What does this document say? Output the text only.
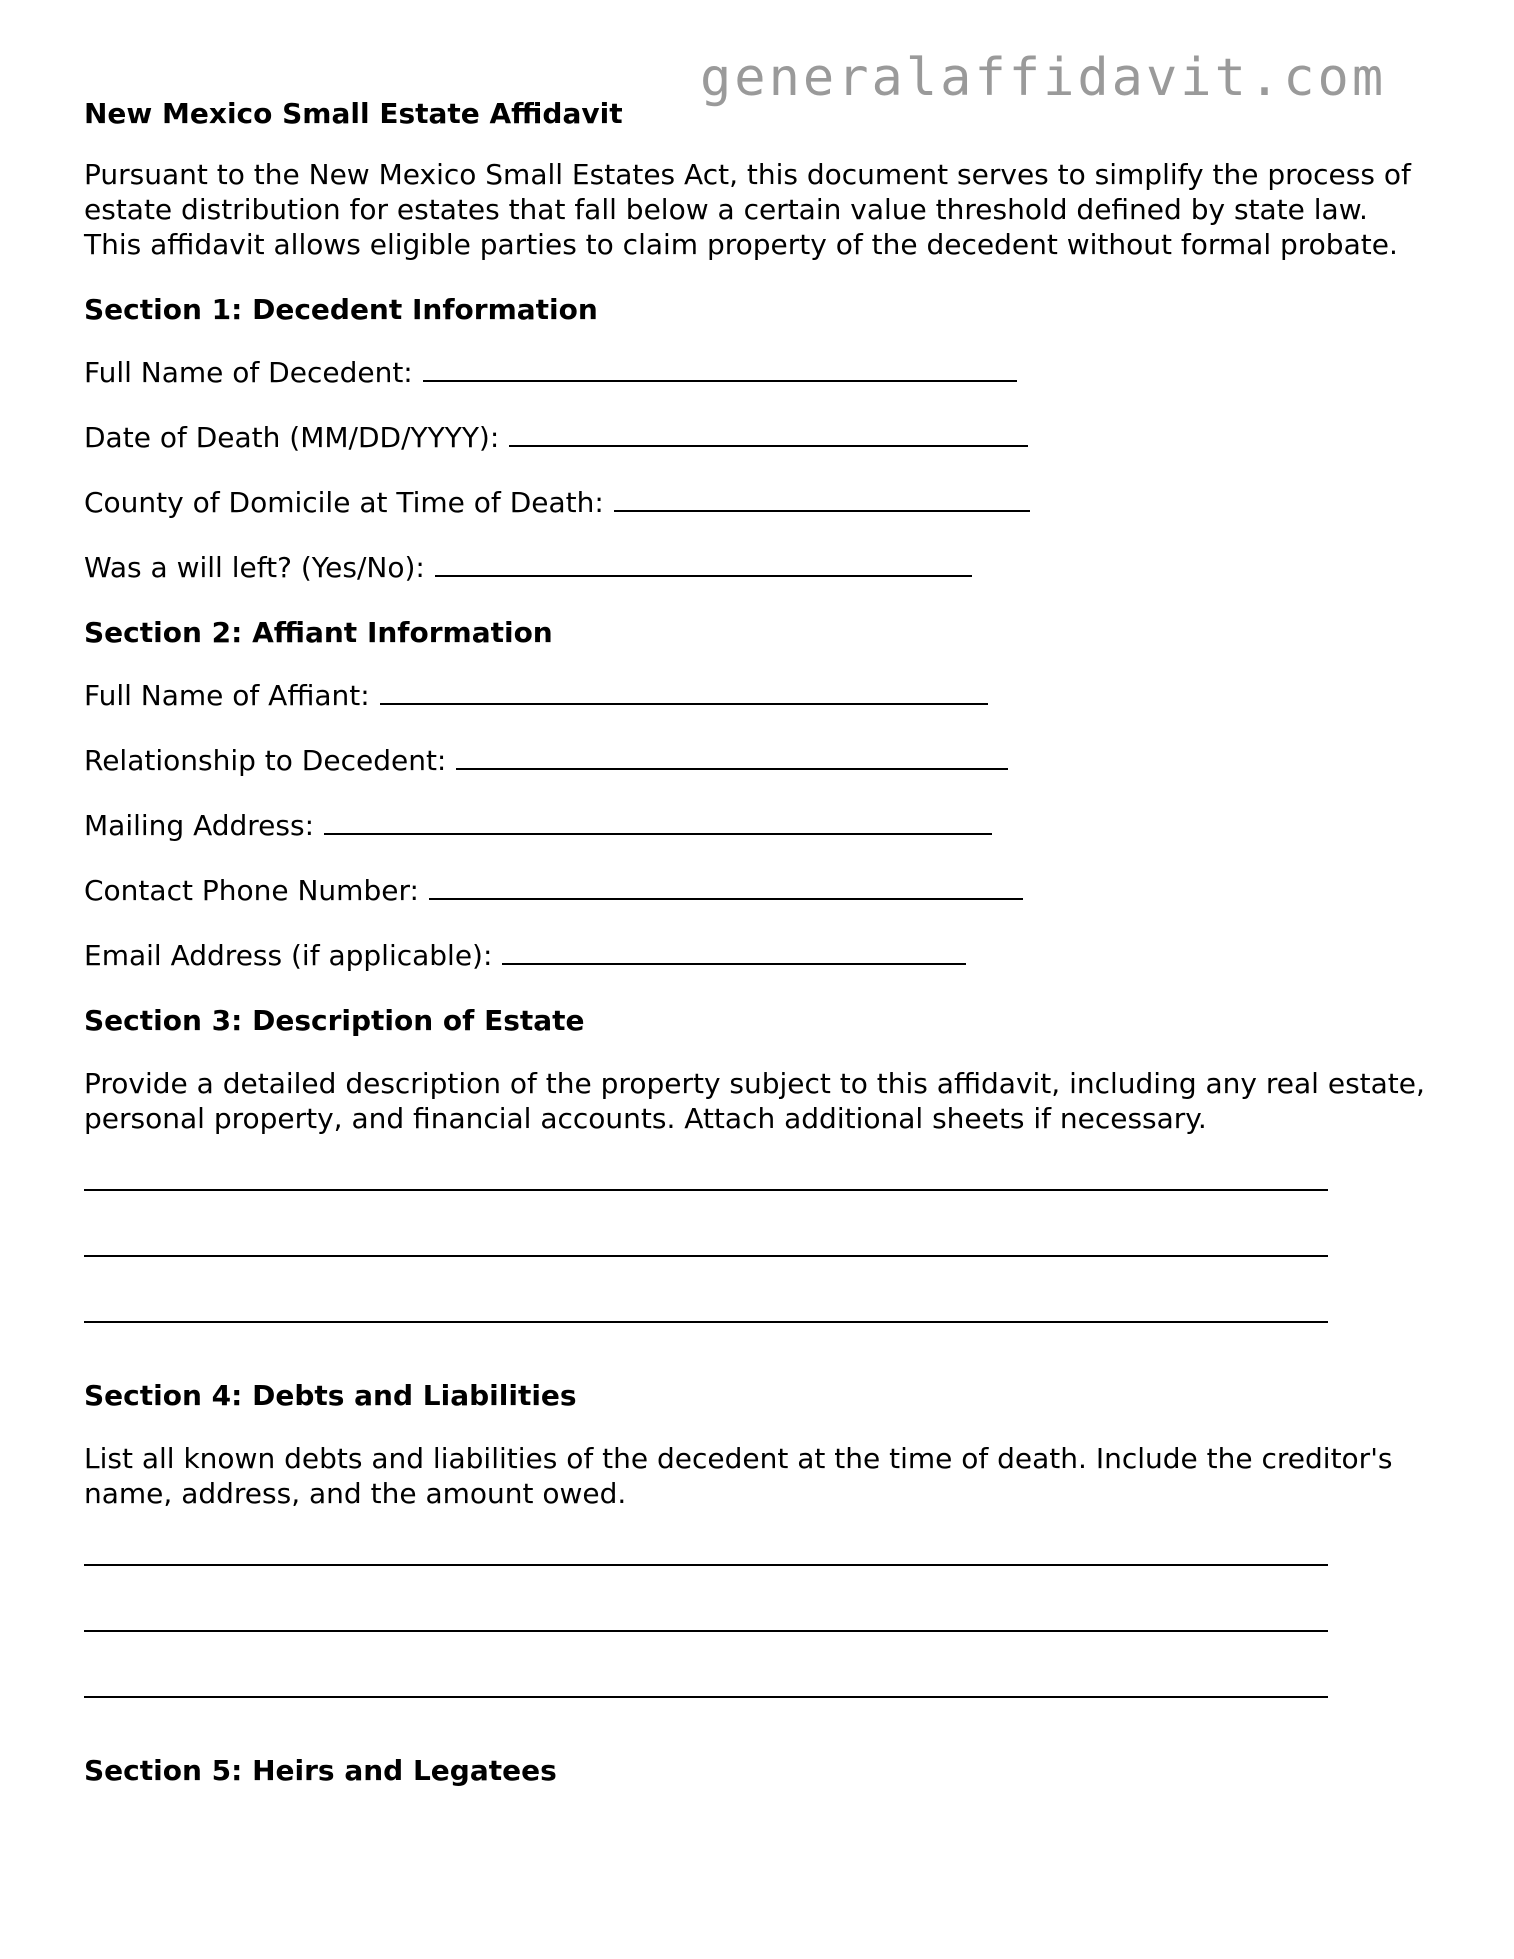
generalaffidavit.com
New Mexico Small Estate Affidavit

Pursuant to the New Mexico Small Estates Act, this document serves to simplify the process of estate distribution for estates that fall below a certain value threshold defined by state law. This affidavit allows eligible parties to claim property of the decedent without formal probate.

Section 1: Decedent Information
Full Name of Decedent:
Date of Death (MM/DD/YYYY):
County of Domicile at Time of Death:
Was a will left? (Yes/No):
Section 2: Affiant Information
Full Name of Affiant:
Relationship to Decedent:
Mailing Address:
Contact Phone Number:
Email Address (if applicable):
Section 3: Description of Estate

Provide a detailed description of the property subject to this affidavit, including any real estate, personal property, and financial accounts. Attach additional sheets if necessary.

Section 4: Debts and Liabilities

List all known debts and liabilities of the decedent at the time of death. Include the creditor's name, address, and the amount owed.

Section 5: Heirs and Legatees
